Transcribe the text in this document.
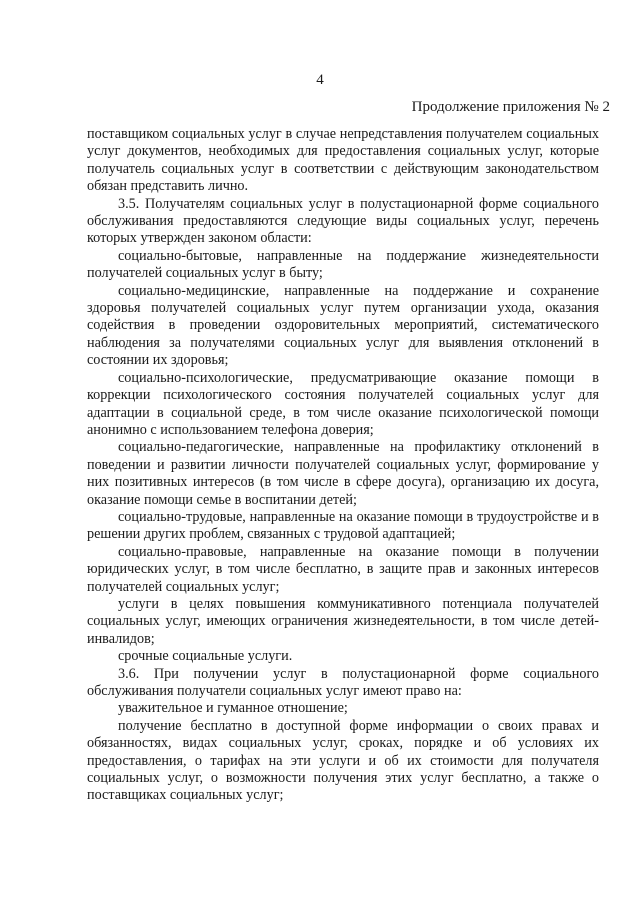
4
Продолжение приложения № 2

поставщиком социальных услуг в случае непредставления получателем социальных услуг документов, необходимых для предоставления социальных услуг, которые получатель социальных услуг в соответствии с действующим законодательством обязан представить лично.

3.5. Получателям социальных услуг в полустационарной форме социального обслуживания предоставляются следующие виды социальных услуг, перечень которых утвержден законом области:

социально-бытовые, направленные на поддержание жизнедеятельности получателей социальных услуг в быту;

социально-медицинские, направленные на поддержание и сохранение здоровья получателей социальных услуг путем организации ухода, оказания содействия в проведении оздоровительных мероприятий, систематического наблюдения за получателями социальных услуг для выявления отклонений в состоянии их здоровья;

социально-психологические, предусматривающие оказание помощи в коррекции психологического состояния получателей социальных услуг для адаптации в социальной среде, в том числе оказание психологической помощи анонимно с использованием телефона доверия;

социально-педагогические, направленные на профилактику отклонений в поведении и развитии личности получателей социальных услуг, формирование у них позитивных интересов (в том числе в сфере досуга), организацию их досуга, оказание помощи семье в воспитании детей;

социально-трудовые, направленные на оказание помощи в трудоустройстве и в решении других проблем, связанных с трудовой адаптацией;

социально-правовые, направленные на оказание помощи в получении юридических услуг, в том числе бесплатно, в защите прав и законных интересов получателей социальных услуг;

услуги в целях повышения коммуникативного потенциала получателей социальных услуг, имеющих ограничения жизнедеятельности, в том числе детей-инвалидов;

срочные социальные услуги.

3.6. При получении услуг в полустационарной форме социального обслуживания получатели социальных услуг имеют право на:

уважительное и гуманное отношение;

получение бесплатно в доступной форме информации о своих правах и обязанностях, видах социальных услуг, сроках, порядке и об условиях их предоставления, о тарифах на эти услуги и об их стоимости для получателя социальных услуг, о возможности получения этих услуг бесплатно, а также о поставщиках социальных услуг;
